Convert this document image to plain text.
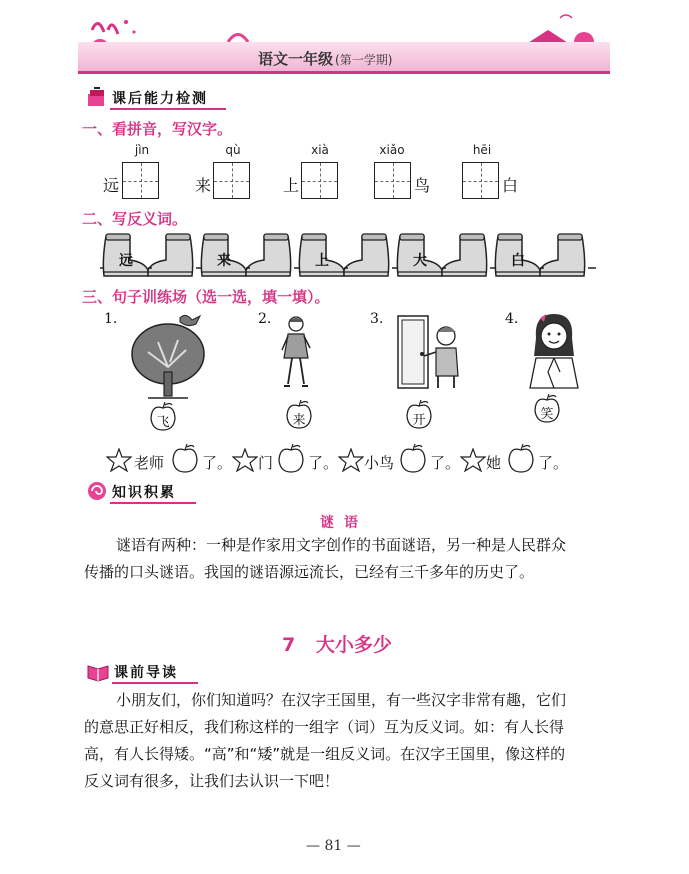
语文一年级 (第一学期)
课后能力检测
一、看拼音，写汉字。
jìn
远
qù
来
xià
上
xiǎo
鸟
hēi
白
二、写反义词。
远	来	上	大	白
三、句子训练场（选一选，填一填）。
1.	2.	3.	4.
飞	来	开	笑
老师	了。 门 了。 小鸟 了。 她 了。
知识积累
谜语
谜语有两种：一种是作家用文字创作的书面谜语，另一种是人民群众
传播的口头谜语。我国的谜语源远流长，已经有三千多年的历史了。
7 大小多少
课前导读
小朋友们，你们知道吗？在汉字王国里，有一些汉字非常有趣，它们
的意思正好相反，我们称这样的一组字（词）互为反义词。如：有人长得
高，有人长得矮。“高”和“矮”就是一组反义词。在汉字王国里，像这样的
反义词有很多，让我们去认识一下吧！
— 81 —
